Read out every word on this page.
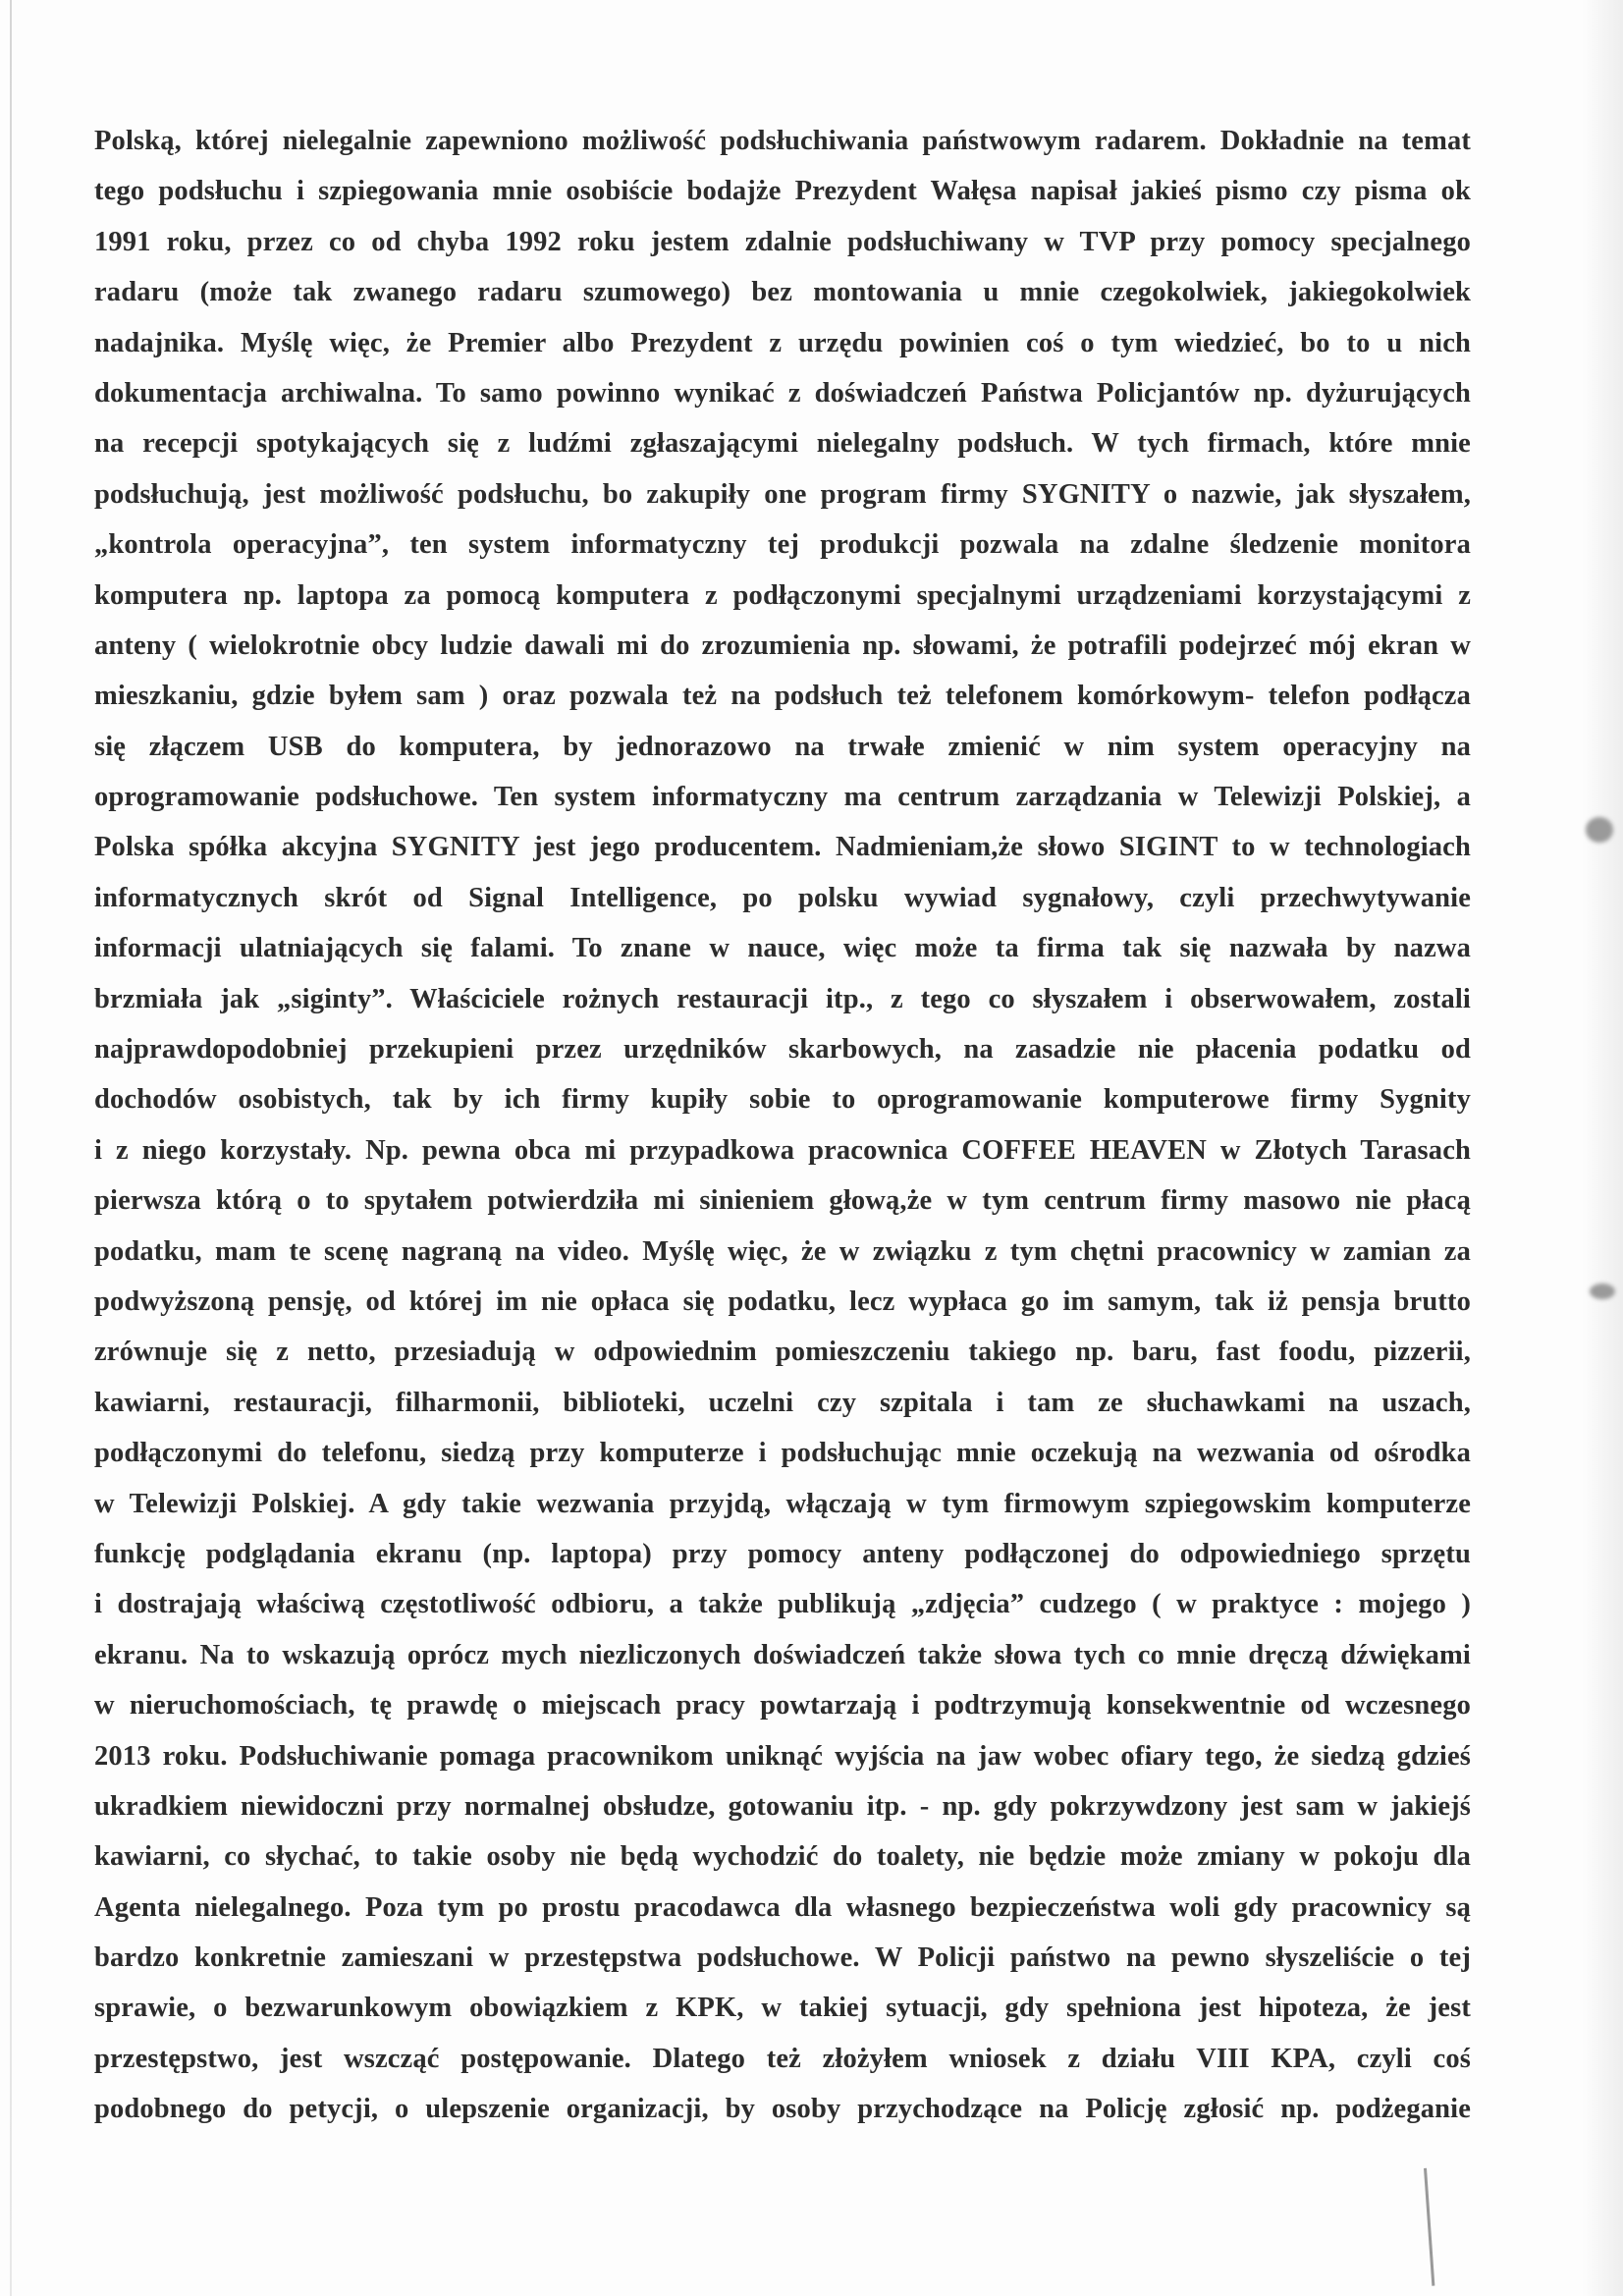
Polską, której nielegalnie zapewniono możliwość podsłuchiwania państwowym radarem. Dokładnie na temat
tego podsłuchu i szpiegowania mnie osobiście bodajże Prezydent Wałęsa napisał jakieś pismo czy pisma ok
1991 roku, przez co od chyba 1992 roku jestem zdalnie podsłuchiwany w TVP przy pomocy specjalnego
radaru (może tak zwanego radaru szumowego) bez montowania u mnie czegokolwiek, jakiegokolwiek
nadajnika. Myślę więc, że Premier albo Prezydent z urzędu powinien coś o tym wiedzieć, bo to u nich
dokumentacja archiwalna. To samo powinno wynikać z doświadczeń Państwa Policjantów np. dyżurujących
na recepcji spotykających się z ludźmi zgłaszającymi nielegalny podsłuch. W tych firmach, które mnie
podsłuchują, jest możliwość podsłuchu, bo zakupiły one program firmy SYGNITY o nazwie, jak słyszałem,
„kontrola operacyjna”, ten system informatyczny tej produkcji pozwala na zdalne śledzenie monitora
komputera np. laptopa za pomocą komputera z podłączonymi specjalnymi urządzeniami korzystającymi z
anteny ( wielokrotnie obcy ludzie dawali mi do zrozumienia np. słowami, że potrafili podejrzeć mój ekran w
mieszkaniu, gdzie byłem sam ) oraz pozwala też na podsłuch też telefonem komórkowym- telefon podłącza
się złączem USB do komputera, by jednorazowo na trwałe zmienić w nim system operacyjny na
oprogramowanie podsłuchowe. Ten system informatyczny ma centrum zarządzania w Telewizji Polskiej, a
Polska spółka akcyjna SYGNITY jest jego producentem. Nadmieniam,że słowo SIGINT to w technologiach
informatycznych skrót od Signal Intelligence, po polsku wywiad sygnałowy, czyli przechwytywanie
informacji ulatniających się falami. To znane w nauce, więc może ta firma tak się nazwała by nazwa
brzmiała jak „siginty”. Właściciele rożnych restauracji itp., z tego co słyszałem i obserwowałem, zostali
najprawdopodobniej przekupieni przez urzędników skarbowych, na zasadzie nie płacenia podatku od
dochodów osobistych, tak by ich firmy kupiły sobie to oprogramowanie komputerowe firmy Sygnity
i z niego korzystały. Np. pewna obca mi przypadkowa pracownica COFFEE HEAVEN w Złotych Tarasach
pierwsza którą o to spytałem potwierdziła mi sinieniem głową,że w tym centrum firmy masowo nie płacą
podatku, mam te scenę nagraną na video. Myślę więc, że w związku z tym chętni pracownicy w zamian za
podwyższoną pensję, od której im nie opłaca się podatku, lecz wypłaca go im samym, tak iż pensja brutto
zrównuje się z netto, przesiadują w odpowiednim pomieszczeniu takiego np. baru, fast foodu, pizzerii,
kawiarni, restauracji, filharmonii, biblioteki, uczelni czy szpitala i tam ze słuchawkami na uszach,
podłączonymi do telefonu, siedzą przy komputerze i podsłuchując mnie oczekują na wezwania od ośrodka
w Telewizji Polskiej. A gdy takie wezwania przyjdą, włączają w tym firmowym szpiegowskim komputerze
funkcję podglądania ekranu (np. laptopa) przy pomocy anteny podłączonej do odpowiedniego sprzętu
i dostrajają właściwą częstotliwość odbioru, a także publikują „zdjęcia” cudzego ( w praktyce : mojego )
ekranu. Na to wskazują oprócz mych niezliczonych doświadczeń także słowa tych co mnie dręczą dźwiękami
w nieruchomościach, tę prawdę o miejscach pracy powtarzają i podtrzymują konsekwentnie od wczesnego
2013 roku. Podsłuchiwanie pomaga pracownikom uniknąć wyjścia na jaw wobec ofiary tego, że siedzą gdzieś
ukradkiem niewidoczni przy normalnej obsłudze, gotowaniu itp. - np. gdy pokrzywdzony jest sam w jakiejś
kawiarni, co słychać, to takie osoby nie będą wychodzić do toalety, nie będzie może zmiany w pokoju dla
Agenta nielegalnego. Poza tym po prostu pracodawca dla własnego bezpieczeństwa woli gdy pracownicy są
bardzo konkretnie zamieszani w przestępstwa podsłuchowe. W Policji państwo na pewno słyszeliście o tej
sprawie, o bezwarunkowym obowiązkiem z KPK, w takiej sytuacji, gdy spełniona jest hipoteza, że jest
przestępstwo, jest wszcząć postępowanie. Dlatego też złożyłem wniosek z działu VIII KPA, czyli coś
podobnego do petycji, o ulepszenie organizacji, by osoby przychodzące na Policję zgłosić np. podżeganie
